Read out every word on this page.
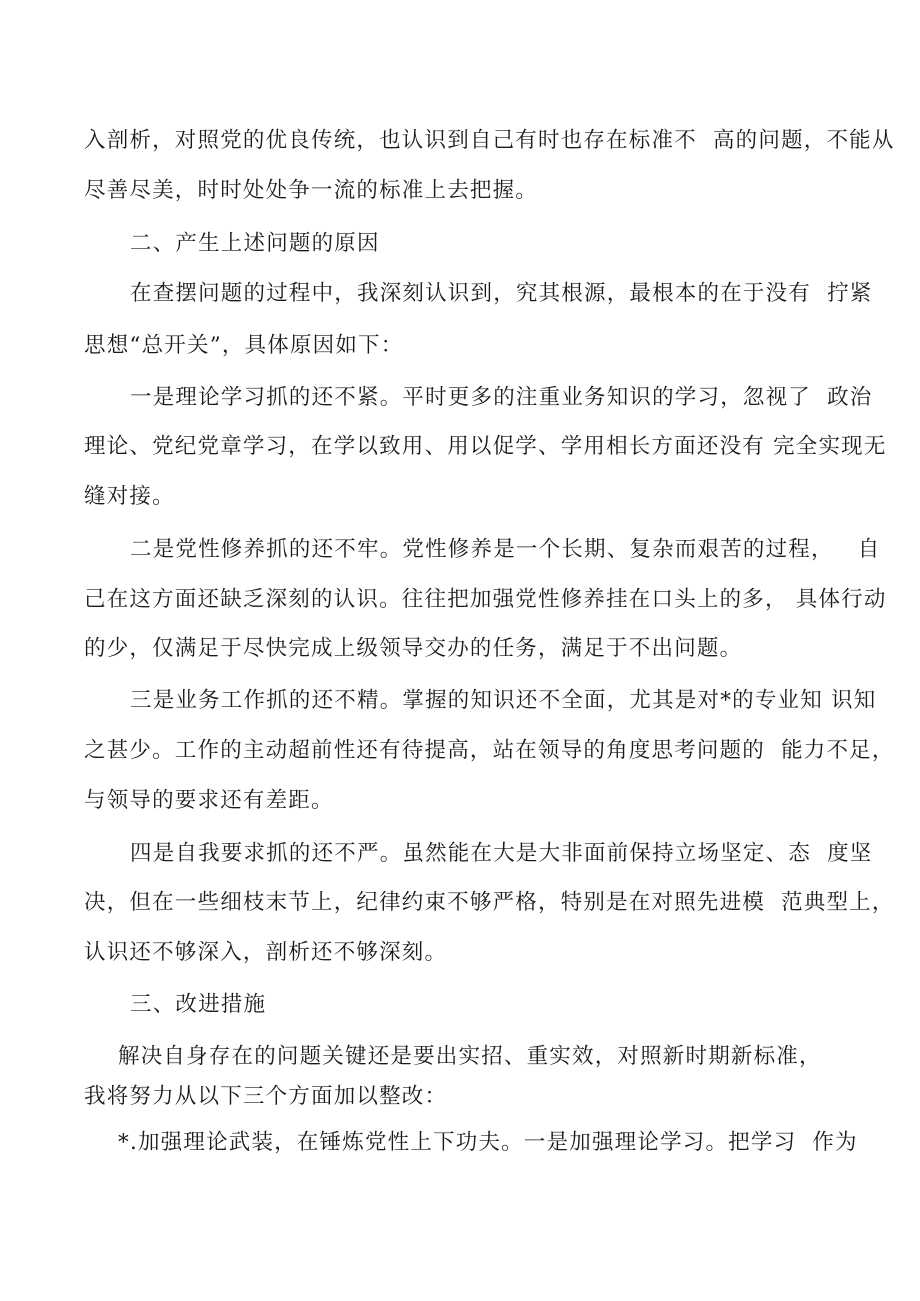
入剖析，对照党的优良传统，也认识到自己有时也存在标准不  高的问题，不能从
尽善尽美，时时处处争一流的标准上去把握。
二、产生上述问题的原因
在查摆问题的过程中，我深刻认识到，究其根源，最根本的在于没有  拧紧
思想“总开关”，具体原因如下：
一是理论学习抓的还不紧。平时更多的注重业务知识的学习，忽视了  政治
理论、党纪党章学习，在学以致用、用以促学、学用相长方面还没有 完全实现无
缝对接。
二是党性修养抓的还不牢。党性修养是一个长期、复杂而艰苦的过程，   自
己在这方面还缺乏深刻的认识。往往把加强党性修养挂在口头上的多， 具体行动
的少，仅满足于尽快完成上级领导交办的任务，满足于不出问题。
三是业务工作抓的还不精。掌握的知识还不全面，尤其是对*的专业知 识知
之甚少。工作的主动超前性还有待提高，站在领导的角度思考问题的  能力不足，
与领导的要求还有差距。
四是自我要求抓的还不严。虽然能在大是大非面前保持立场坚定、态  度坚
决，但在一些细枝末节上，纪律约束不够严格，特别是在对照先进模  范典型上，
认识还不够深入，剖析还不够深刻。
三、改进措施
解决自身存在的问题关键还是要出实招、重实效，对照新时期新标准，
我将努力从以下三个方面加以整改：
*.加强理论武装，在锤炼党性上下功夫。一是加强理论学习。把学习  作为
